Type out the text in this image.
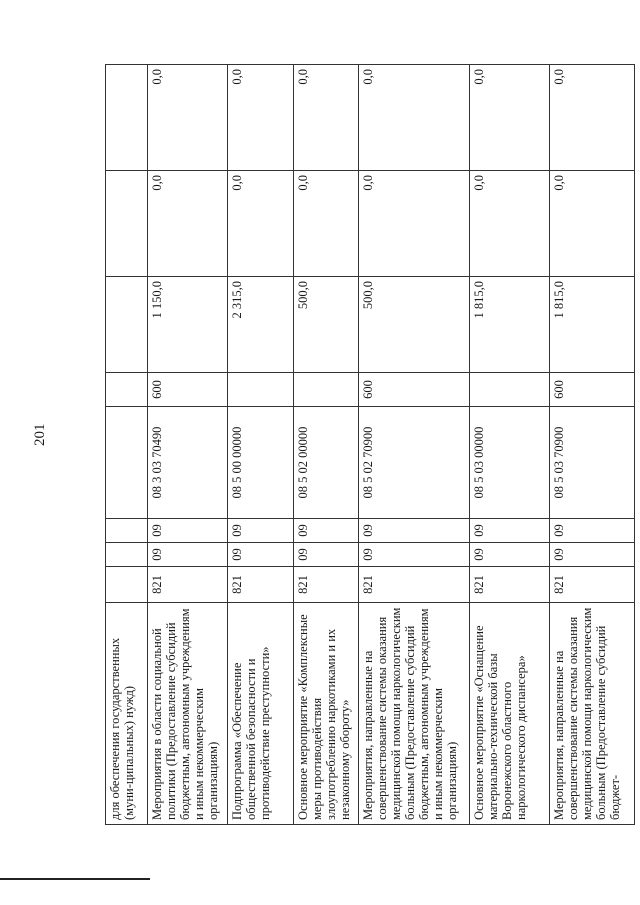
201
для обеспечения государственных (муни-ципальных) нужд)								
Мероприятия в области социальной политики (Предоставление субсидий бюджетным, автономным учреждениям и иным некоммерческим организациям)	821	09	09	08 3 03 70490	600	1 150,0	0,0	0,0
Подпрограмма «Обеспечение общественной безопасности и противодействие преступности»	821	09	09	08 5 00 00000		2 315,0	0,0	0,0
Основное мероприятие «Комплексные меры противодействия злоупотреблению наркотиками и их незаконному обороту»	821	09	09	08 5 02 00000		500,0	0,0	0,0
Мероприятия, направленные на совершенствование системы оказания медицинской помощи наркологическим больным (Предоставление субсидий бюджетным, автономным учреждениям и иным некоммерческим организациям)	821	09	09	08 5 02 70900	600	500,0	0,0	0,0
Основное мероприятие «Оснащение материально-технической базы Воронежского областного наркологического диспансера»	821	09	09	08 5 03 00000		1 815,0	0,0	0,0
Мероприятия, направленные на совершенствование системы оказания медицинской помощи наркологическим больным (Предоставление субсидий бюджет-	821	09	09	08 5 03 70900	600	1 815,0	0,0	0,0
